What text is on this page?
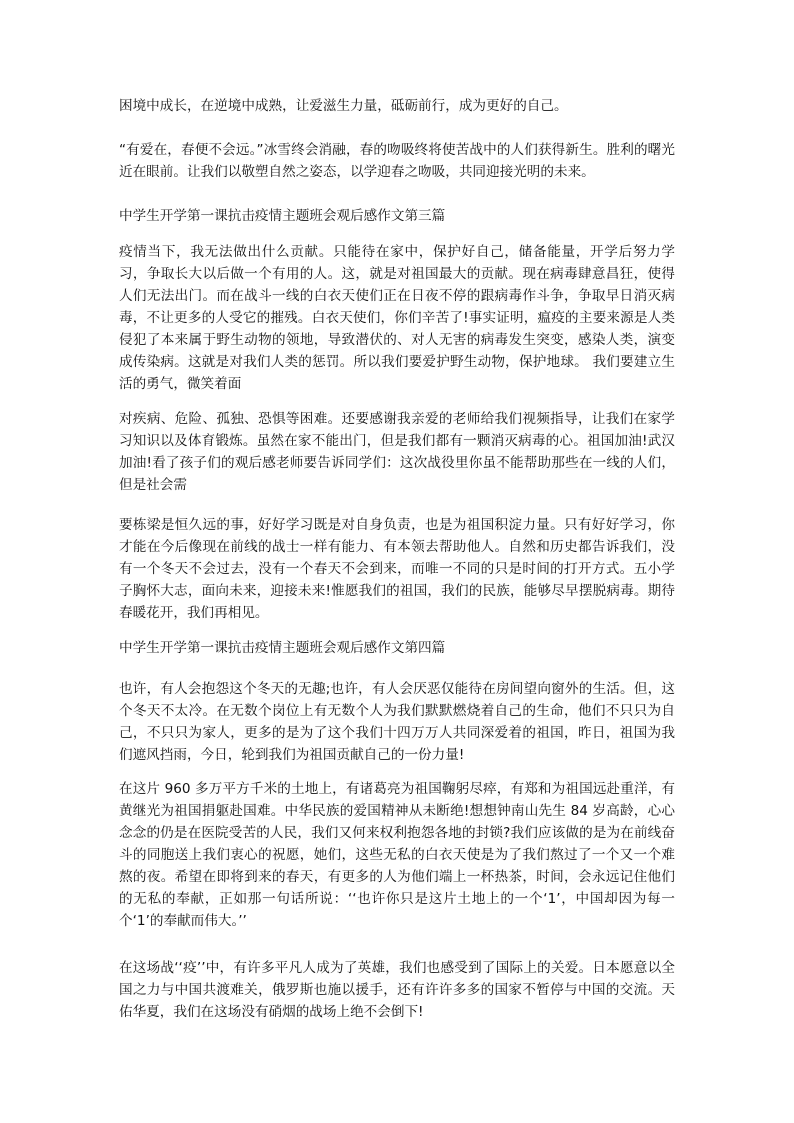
困境中成长，在逆境中成熟，让爱滋生力量，砥砺前行，成为更好的自己。

“有爱在，春便不会远。”冰雪终会消融，春的吻吸终将使苦战中的人们获得新生。胜利的曙光近在眼前。让我们以敬塑自然之姿态，以学迎春之吻吸，共同迎接光明的未来。

中学生开学第一课抗击疫情主题班会观后感作文第三篇

疫情当下，我无法做出什么贡献。只能待在家中，保护好自己，储备能量，开学后努力学习，争取长大以后做一个有用的人。这，就是对祖国最大的贡献。现在病毒肆意昌狂，使得人们无法出门。而在战斗一线的白衣天使们正在日夜不停的跟病毒作斗争，争取早日消灭病毒，不让更多的人受它的摧残。白衣天使们，你们辛苦了!事实证明，瘟疫的主要来源是人类侵犯了本来属于野生动物的领地，导致潜伏的、对人无害的病毒发生突变，感染人类，演变成传染病。这就是对我们人类的惩罚。所以我们要爱护野生动物，保护地球。 我们要建立生活的勇气，微笑着面

对疾病、危险、孤独、恐惧等困难。还要感谢我亲爱的老师给我们视频指导，让我们在家学习知识以及体育锻炼。虽然在家不能出门，但是我们都有一颗消灭病毒的心。祖国加油!武汉加油!看了孩子们的观后感老师要告诉同学们：这次战役里你虽不能帮助那些在一线的人们，但是社会需

要栋梁是恒久远的事，好好学习既是对自身负责，也是为祖国积淀力量。只有好好学习，你才能在今后像现在前线的战士一样有能力、有本领去帮助他人。自然和历史都告诉我们，没有一个冬天不会过去，没有一个春天不会到来，而唯一不同的只是时间的打开方式。五小学子胸怀大志，面向未来，迎接未来!惟愿我们的祖国，我们的民族，能够尽早摆脱病毒。期待春暖花开，我们再相见。

中学生开学第一课抗击疫情主题班会观后感作文第四篇

也许，有人会抱怨这个冬天的无趣;也许，有人会厌恶仅能待在房间望向窗外的生活。但，这个冬天不太冷。在无数个岗位上有无数个人为我们默默燃烧着自己的生命，他们不只只为自己，不只只为家人，更多的是为了这个我们十四万万人共同深爱着的祖国，昨日，祖国为我们遮风挡雨，今日，轮到我们为祖国贡献自己的一份力量!

在这片 960 多万平方千米的土地上，有诸葛亮为祖国鞠躬尽瘁，有郑和为祖国远赴重洋，有黄继光为祖国捐躯赴国难。中华民族的爱国精神从未断绝!想想钟南山先生 84 岁高龄，心心念念的仍是在医院受苦的人民，我们又何来权利抱怨各地的封锁?我们应该做的是为在前线奋斗的同胞送上我们衷心的祝愿，她们，这些无私的白衣天使是为了我们熬过了一个又一个难熬的夜。希望在即将到来的春天，有更多的人为他们端上一杯热茶，时间，会永远记住他们的无私的奉献，正如那一句话所说：‘‘也许你只是这片土地上的一个‘1’，中国却因为每一个‘1’的奉献而伟大。’’

在这场战‘‘疫’’中，有许多平凡人成为了英雄，我们也感受到了国际上的关爱。日本愿意以全国之力与中国共渡难关，俄罗斯也施以援手，还有许许多多的国家不暂停与中国的交流。天佑华夏，我们在这场没有硝烟的战场上绝不会倒下!
